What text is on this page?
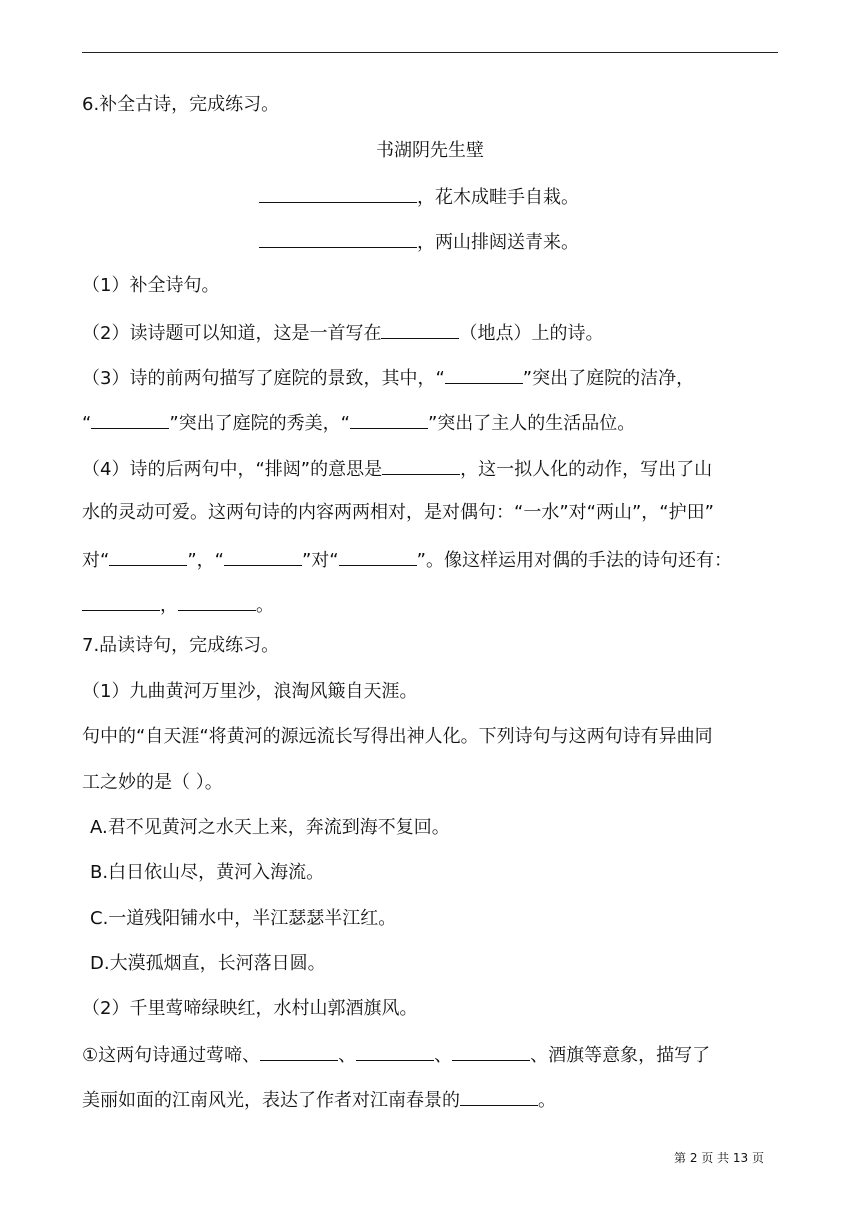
6.补全古诗，完成练习。
书湖阴先生壁
，花木成畦手自栽。
，两山排闼送青来。
（1）补全诗句。
（2）读诗题可以知道，这是一首写在	（地点）上的诗。
（3）诗的前两句描写了庭院的景致，其中，“	”突出了庭院的洁净，
“	”突出了庭院的秀美，“	”突出了主人的生活品位。
（4）诗的后两句中，“排闼”的意思是	，这一拟人化的动作，写出了山
水的灵动可爱。这两句诗的内容两两相对，是对偶句：“一水”对“两山”，“护田”
对“	”，“	”对“	”。像这样运用对偶的手法的诗句还有：
，	。
7.品读诗句，完成练习。
（1）九曲黄河万里沙，浪淘风簸自天涯。
句中的“自天涯“将黄河的源远流长写得出神人化。下列诗句与这两句诗有异曲同
工之妙的是（ ）。
A.君不见黄河之水天上来，奔流到海不复回。
B.白日依山尽，黄河入海流。
C.一道残阳铺水中，半江瑟瑟半江红。
D.大漠孤烟直，长河落日圆。
（2）千里莺啼绿映红，水村山郭酒旗风。
①这两句诗通过莺啼、	、	、	、酒旗等意象，描写了
美丽如面的江南风光，表达了作者对江南春景的	。
第 2 页 共 13 页
